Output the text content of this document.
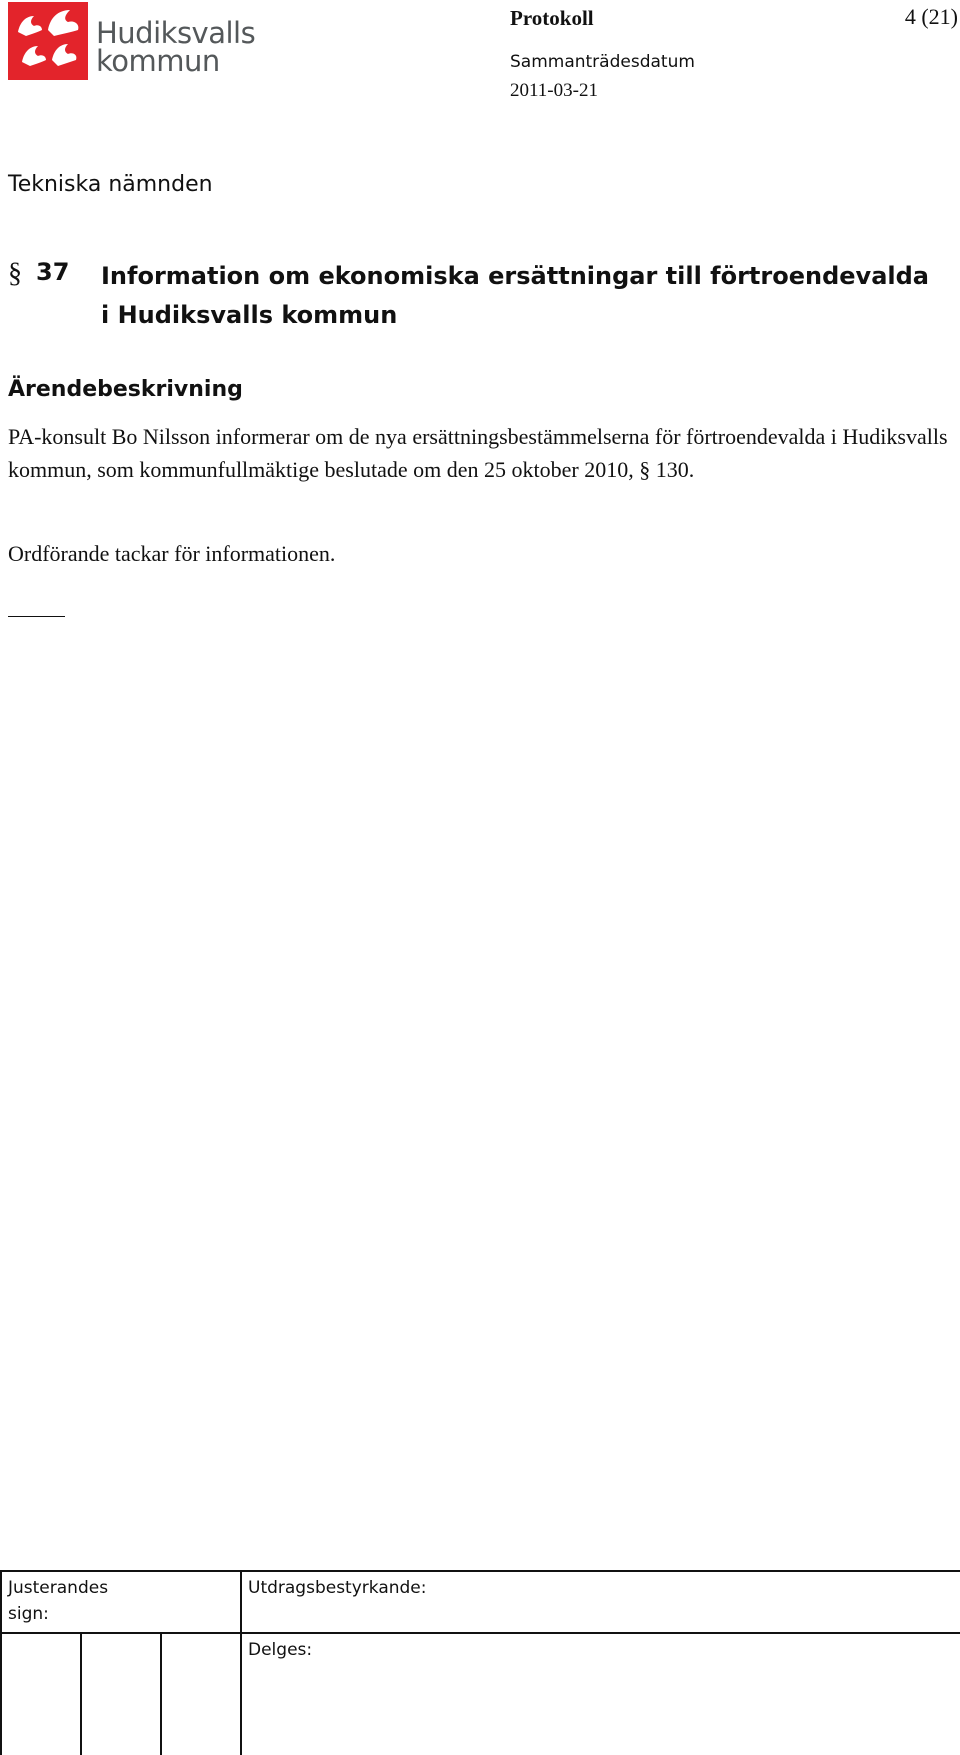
Hudiksvalls
kommun
Protokoll	4 (21)
Sammanträdesdatum
2011-03-21
Tekniska nämnden
§ 37 Information om ekonomiska ersättningar till förtroendevalda i Hudiksvalls kommun
Ärendebeskrivning
PA-konsult Bo Nilsson informerar om de nya ersättningsbestämmelserna för förtroendevalda i Hudiksvalls kommun, som kommunfullmäktige beslutade om den 25 oktober 2010, § 130.
Ordförande tackar för informationen.
Justerandes
sign:
Utdragsbestyrkande:
Delges:
